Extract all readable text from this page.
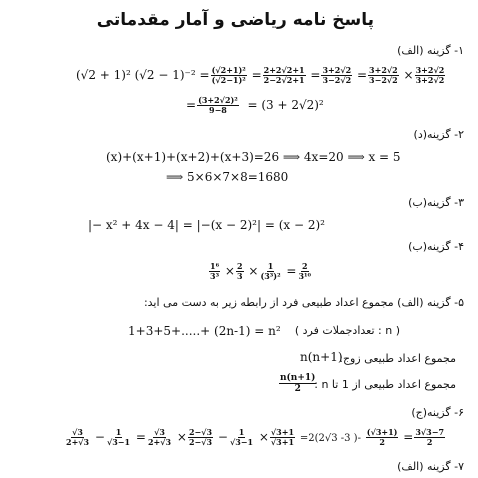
پاسخ نامه ریاضی و آمار مقدماتی
۱- گزینه (الف)
(√2 + 1)² $(√2 - 1)^{-2} = \frac{\text{(√2+1)²}}{\text{(√2−1)²}} = \frac{2+2√2+1}{2-2√2+1} = \frac{3+2√2}{3-2√2} = \frac{3+2√2}{3-2√2} \times \frac{3+2√2}{3+2√2}$
= $\frac{\text{(3+2√2)²}}{9-8} = (3 + 2√2)^2$
۲- گزینه(د)
(x)+(x+1)+(x+2)+(x+3)=26 ⟹ 4x=20 ⟹ x = 5
⟹ 5×6×7×8=1680
۳- گزینه(ب)
|− x² + 4x − 4| = |−(x − 2)²| = (x − 2)²
۴- گزینه(ب)
$\frac{\text{1⁶}}{\text{3³}} \times \frac{2}{3} \times \frac{1}{\text{(3³)²}} = \frac{2}{\text{3¹⁰}}$
۵- گزینه (الف) مجموع اعداد طبیعی فرد از رابطه زیر به دست می اید:
1+3+5+.....+ (2n-1) = n² ( n : تعدادجملات فرد )
مجموع اعداد طبیعی زوج:
n(n+1)
مجموع اعداد طبیعی از 1 تا n :
$\frac{n(n+1)}{2}$
۶- گزینه(ج)
$\frac{√3}{2+√3} - \frac{1}{√3-1} = \frac{√3}{2+√3} \times \frac{2-√3}{2-√3} - \frac{1}{√3-1} \times \frac{√3+1}{√3+1} =2(2√3$ -3 )- $\frac{(√3+1)}{2} = \frac{3√3-7}{2}$
۷- گزینه (الف)
